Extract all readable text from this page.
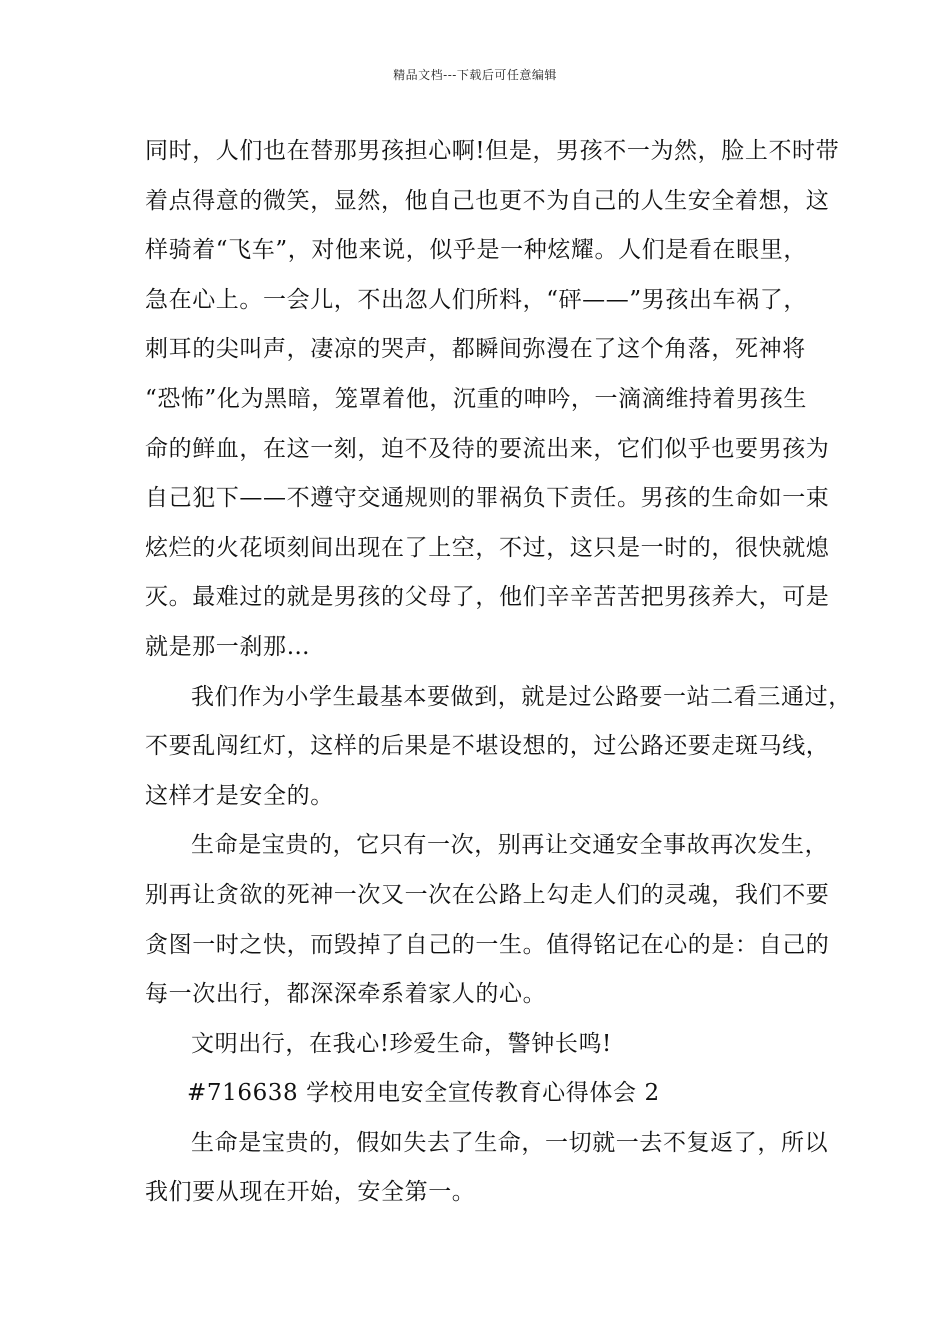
精品文档---下载后可任意编辑

同时，人们也在替那男孩担心啊!但是，男孩不一为然，脸上不时带
着点得意的微笑，显然，他自己也更不为自己的人生安全着想，这
样骑着“飞车”，对他来说，似乎是一种炫耀。人们是看在眼里，
急在心上。一会儿，不出忽人们所料，“砰——”男孩出车祸了，
刺耳的尖叫声，凄凉的哭声，都瞬间弥漫在了这个角落，死神将
“恐怖”化为黑暗，笼罩着他，沉重的呻吟，一滴滴维持着男孩生
命的鲜血，在这一刻，迫不及待的要流出来，它们似乎也要男孩为
自己犯下——不遵守交通规则的罪祸负下责任。男孩的生命如一束
炫烂的火花顷刻间出现在了上空，不过，这只是一时的，很快就熄
灭。最难过的就是男孩的父母了，他们辛辛苦苦把男孩养大，可是
就是那一刹那…

我们作为小学生最基本要做到，就是过公路要一站二看三通过，
不要乱闯红灯，这样的后果是不堪设想的，过公路还要走斑马线，
这样才是安全的。

生命是宝贵的，它只有一次，别再让交通安全事故再次发生，
别再让贪欲的死神一次又一次在公路上勾走人们的灵魂，我们不要
贪图一时之快，而毁掉了自己的一生。值得铭记在心的是：自己的
每一次出行，都深深牵系着家人的心。

文明出行，在我心!珍爱生命，警钟长鸣!

#716638 学校用电安全宣传教育心得体会 2

生命是宝贵的，假如失去了生命，一切就一去不复返了，所以
我们要从现在开始，安全第一。
